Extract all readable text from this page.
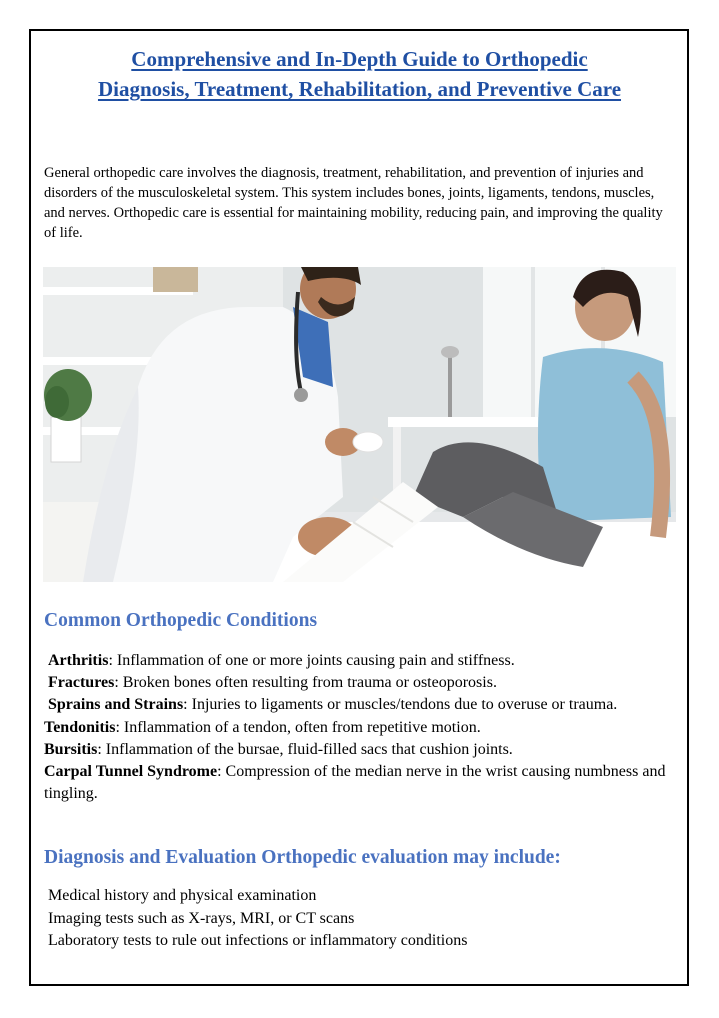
Comprehensive and In-Depth Guide to Orthopedic
Diagnosis, Treatment, Rehabilitation, and Preventive Care

General orthopedic care involves the diagnosis, treatment, rehabilitation, and prevention of injuries and disorders of the musculoskeletal system. This system includes bones, joints, ligaments, tendons, muscles, and nerves. Orthopedic care is essential for maintaining mobility, reducing pain, and improving the quality of life.

Common Orthopedic Conditions
Arthritis: Inflammation of one or more joints causing pain and stiffness.
Fractures: Broken bones often resulting from trauma or osteoporosis.
Sprains and Strains: Injuries to ligaments or muscles/tendons due to overuse or trauma.
Tendonitis: Inflammation of a tendon, often from repetitive motion.
Bursitis: Inflammation of the bursae, fluid-filled sacs that cushion joints.
Carpal Tunnel Syndrome: Compression of the median nerve in the wrist causing numbness and tingling.
Diagnosis and Evaluation Orthopedic evaluation may include:
Medical history and physical examination
Imaging tests such as X-rays, MRI, or CT scans
Laboratory tests to rule out infections or inflammatory conditions
